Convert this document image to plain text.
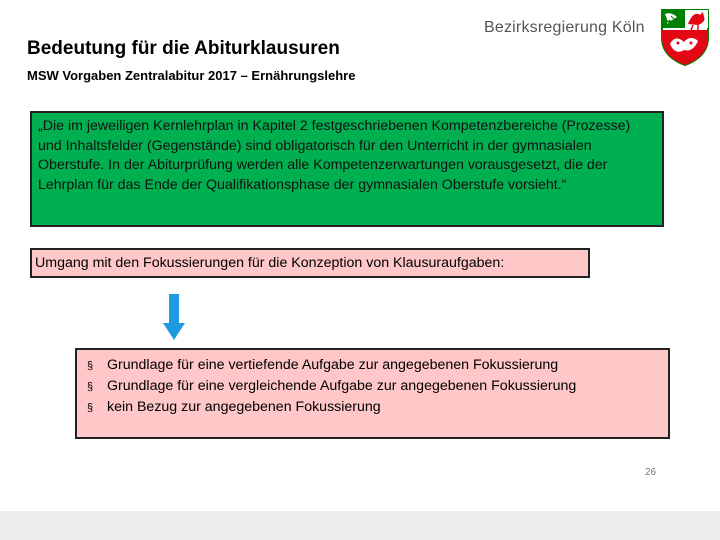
Bedeutung für die Abiturklausuren
MSW Vorgaben Zentralabitur 2017 – Ernährungslehre
Bezirksregierung Köln
„Die im jeweiligen Kernlehrplan in Kapitel 2 festgeschriebenen Kompetenzbereiche (Prozesse) und Inhaltsfelder (Gegenstände) sind obligatorisch für den Unterricht in der gymnasialen Oberstufe. In der Abiturprüfung werden alle Kompetenzerwartungen vorausgesetzt, die der Lehrplan für das Ende der Qualifikationsphase der gymnasialen Oberstufe vorsieht.“
Umgang mit den Fokussierungen für die Konzeption von Klausuraufgaben:
§ Grundlage für eine vertiefende Aufgabe zur angegebenen Fokussierung
§ Grundlage für eine vergleichende Aufgabe zur angegebenen Fokussierung
§ kein Bezug zur angegebenen Fokussierung
26
